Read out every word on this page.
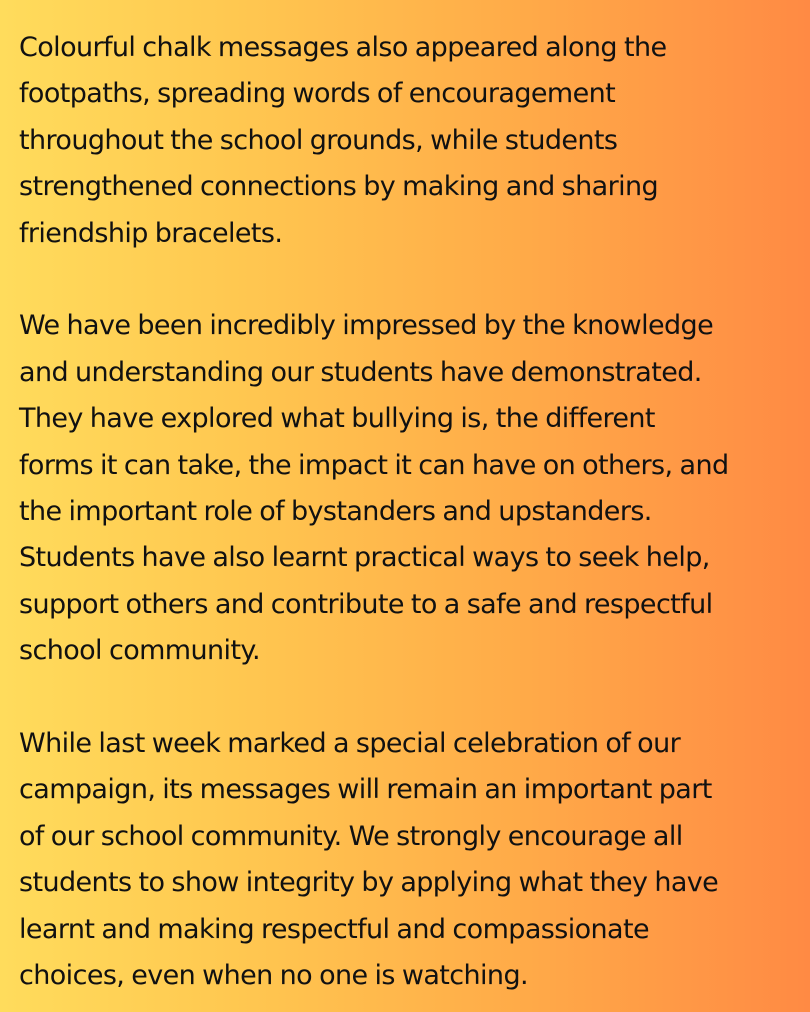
Colourful chalk messages also appeared along the
footpaths, spreading words of encouragement
throughout the school grounds, while students
strengthened connections by making and sharing
friendship bracelets.

We have been incredibly impressed by the knowledge
and understanding our students have demonstrated.
They have explored what bullying is, the different
forms it can take, the impact it can have on others, and
the important role of bystanders and upstanders.
Students have also learnt practical ways to seek help,
support others and contribute to a safe and respectful
school community.

While last week marked a special celebration of our
campaign, its messages will remain an important part
of our school community. We strongly encourage all
students to show integrity by applying what they have
learnt and making respectful and compassionate
choices, even when no one is watching.
